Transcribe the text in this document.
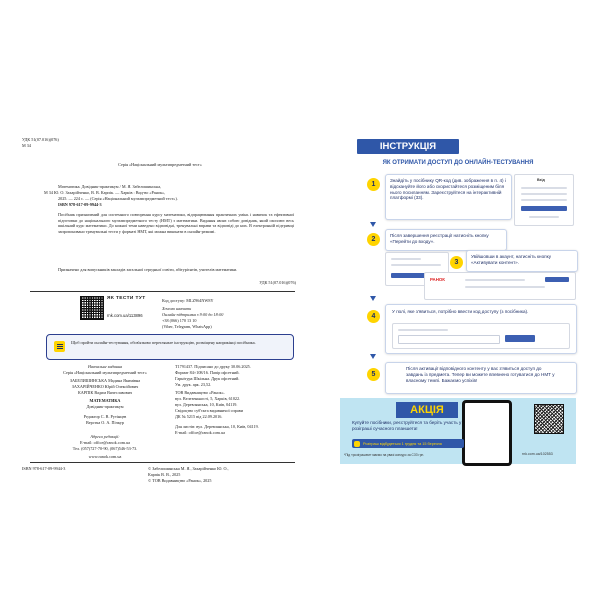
УДК 51(07.016)(076)
М 34
Серія «Національний мультипредметний тест»
Математика. Довідник-практикум / М. Я. Забелишинська,
М 34 Ю. О. Захарійченко, В. В. Карпік. — Харків : Вид-во «Ранок»,
2025. — 224 с. — (Серія «Національний мультипредметний тест»).
ISBN 978-617-09-9944-3
Посібник призначений для системного повторення курсу математики, відпрацювання практичних умінь і навичок та ефективної підготовки до національного мультипредметного тесту (НМТ) з математики. Видання являє собою довідник, який охоплює весь шкільний курс математики. До кожної теми наведено відповідні, тренувальні вправи та відповіді до них. В електронній підтримці запропоновано тренувальні тести у форматі НМТ, які можна виконати в онлайн-режимі.
Призначено для випускників закладів загальної середньої освіти, абітурієнтів, учителів математики.
УДК 51(07.016)(076)
ЯК ТЕСТИ ТУТ
rnk.com.ua/113896
Код доступу: MLZ964NW8Y
Хочемо навчити
Онлайн-підтримка з 9:00 до 18:00
+38 (066) 170 13 10
(Viber, Telegram, WhatsApp)
Щоб пройти онлайн-тестування, обов'язково перегляньте інструкцію, розміщену наприкінці посібника.
Навчальне видання
Серія «Національний мультипредметний тест»
ЗАБЕЛИШИНСЬКА Мадина Якимівна
ЗАХАРІЙЧЕНКО Юрій Олексійович
КАРПІК Вадим Вячеславович
МАТЕМАТИКА
Довідник-практикум
Редактор С. В. Рутінцев
Верстка О. А. Пічкур
Т1791437. Підписано до друку 30.06.2025.
Формат 84×108/16. Папір офсетний.
Гарнітура Шкільна. Друк офсетний.
Ум. друк. арк. 23,52.
ТОВ Видавництво «Ранок».
вул. Велезенькості, 5, Харків, 61022.
вул. Деревлянська, 10, Київ, 04119.
Свідоцтво суб'єкта видавничої справи
ДК № 5215 від 22.09.2016.
Адреса редакції:
Е-mail: office@ranok.com.ua
Тел. (057)727-70-90, (067)546-53-73.
Для листів: вул. Деревлянська, 10, Київ, 04119.
E-mail: office@ranok.com.ua
www.ranok.com.ua
ISBN 978-617-09-9944-3	© Забелишинська М. Я., Захарійченко Ю. О.,
Карпік В. В., 2025
© ТОВ Видавництво «Ранок», 2025
ІНСТРУКЦІЯ
ЯК ОТРИМАТИ ДОСТУП ДО ОНЛАЙН-ТЕСТУВАННЯ
1
Знайдіть у посібнику QR-код (див. зображення в п. 4) і відскануйте його або скористайтеся розміщеним біля нього посиланням. Зареєструйтеся на інтерактивній платформі (33).
Вхід
2
Після завершення реєстрації натисніть кнопку «Перейти до входу».
3
Увійшовши в акаунт, натисніть кнопку «Активувати контент».
РАНОК
4
У полі, яке з'явиться, потрібно ввести код доступу (з посібника).
5
Після активації відповідного контенту у вас з'явиться доступ до завдань із предмета. Тепер ви можете впевнено готуватися до НМТ у власному темпі. Бажаємо успіхів!
АКЦІЯ
Купуйте посібники, реєструйтеся та беріть участь у розіграші сучасного планшета!
Розіграш відбудеться 1 грудня та 15 березня
*Під «розіграшем» маємо на увазі конкурс за СЗЗ грн.	rnk.com.ua/102553
